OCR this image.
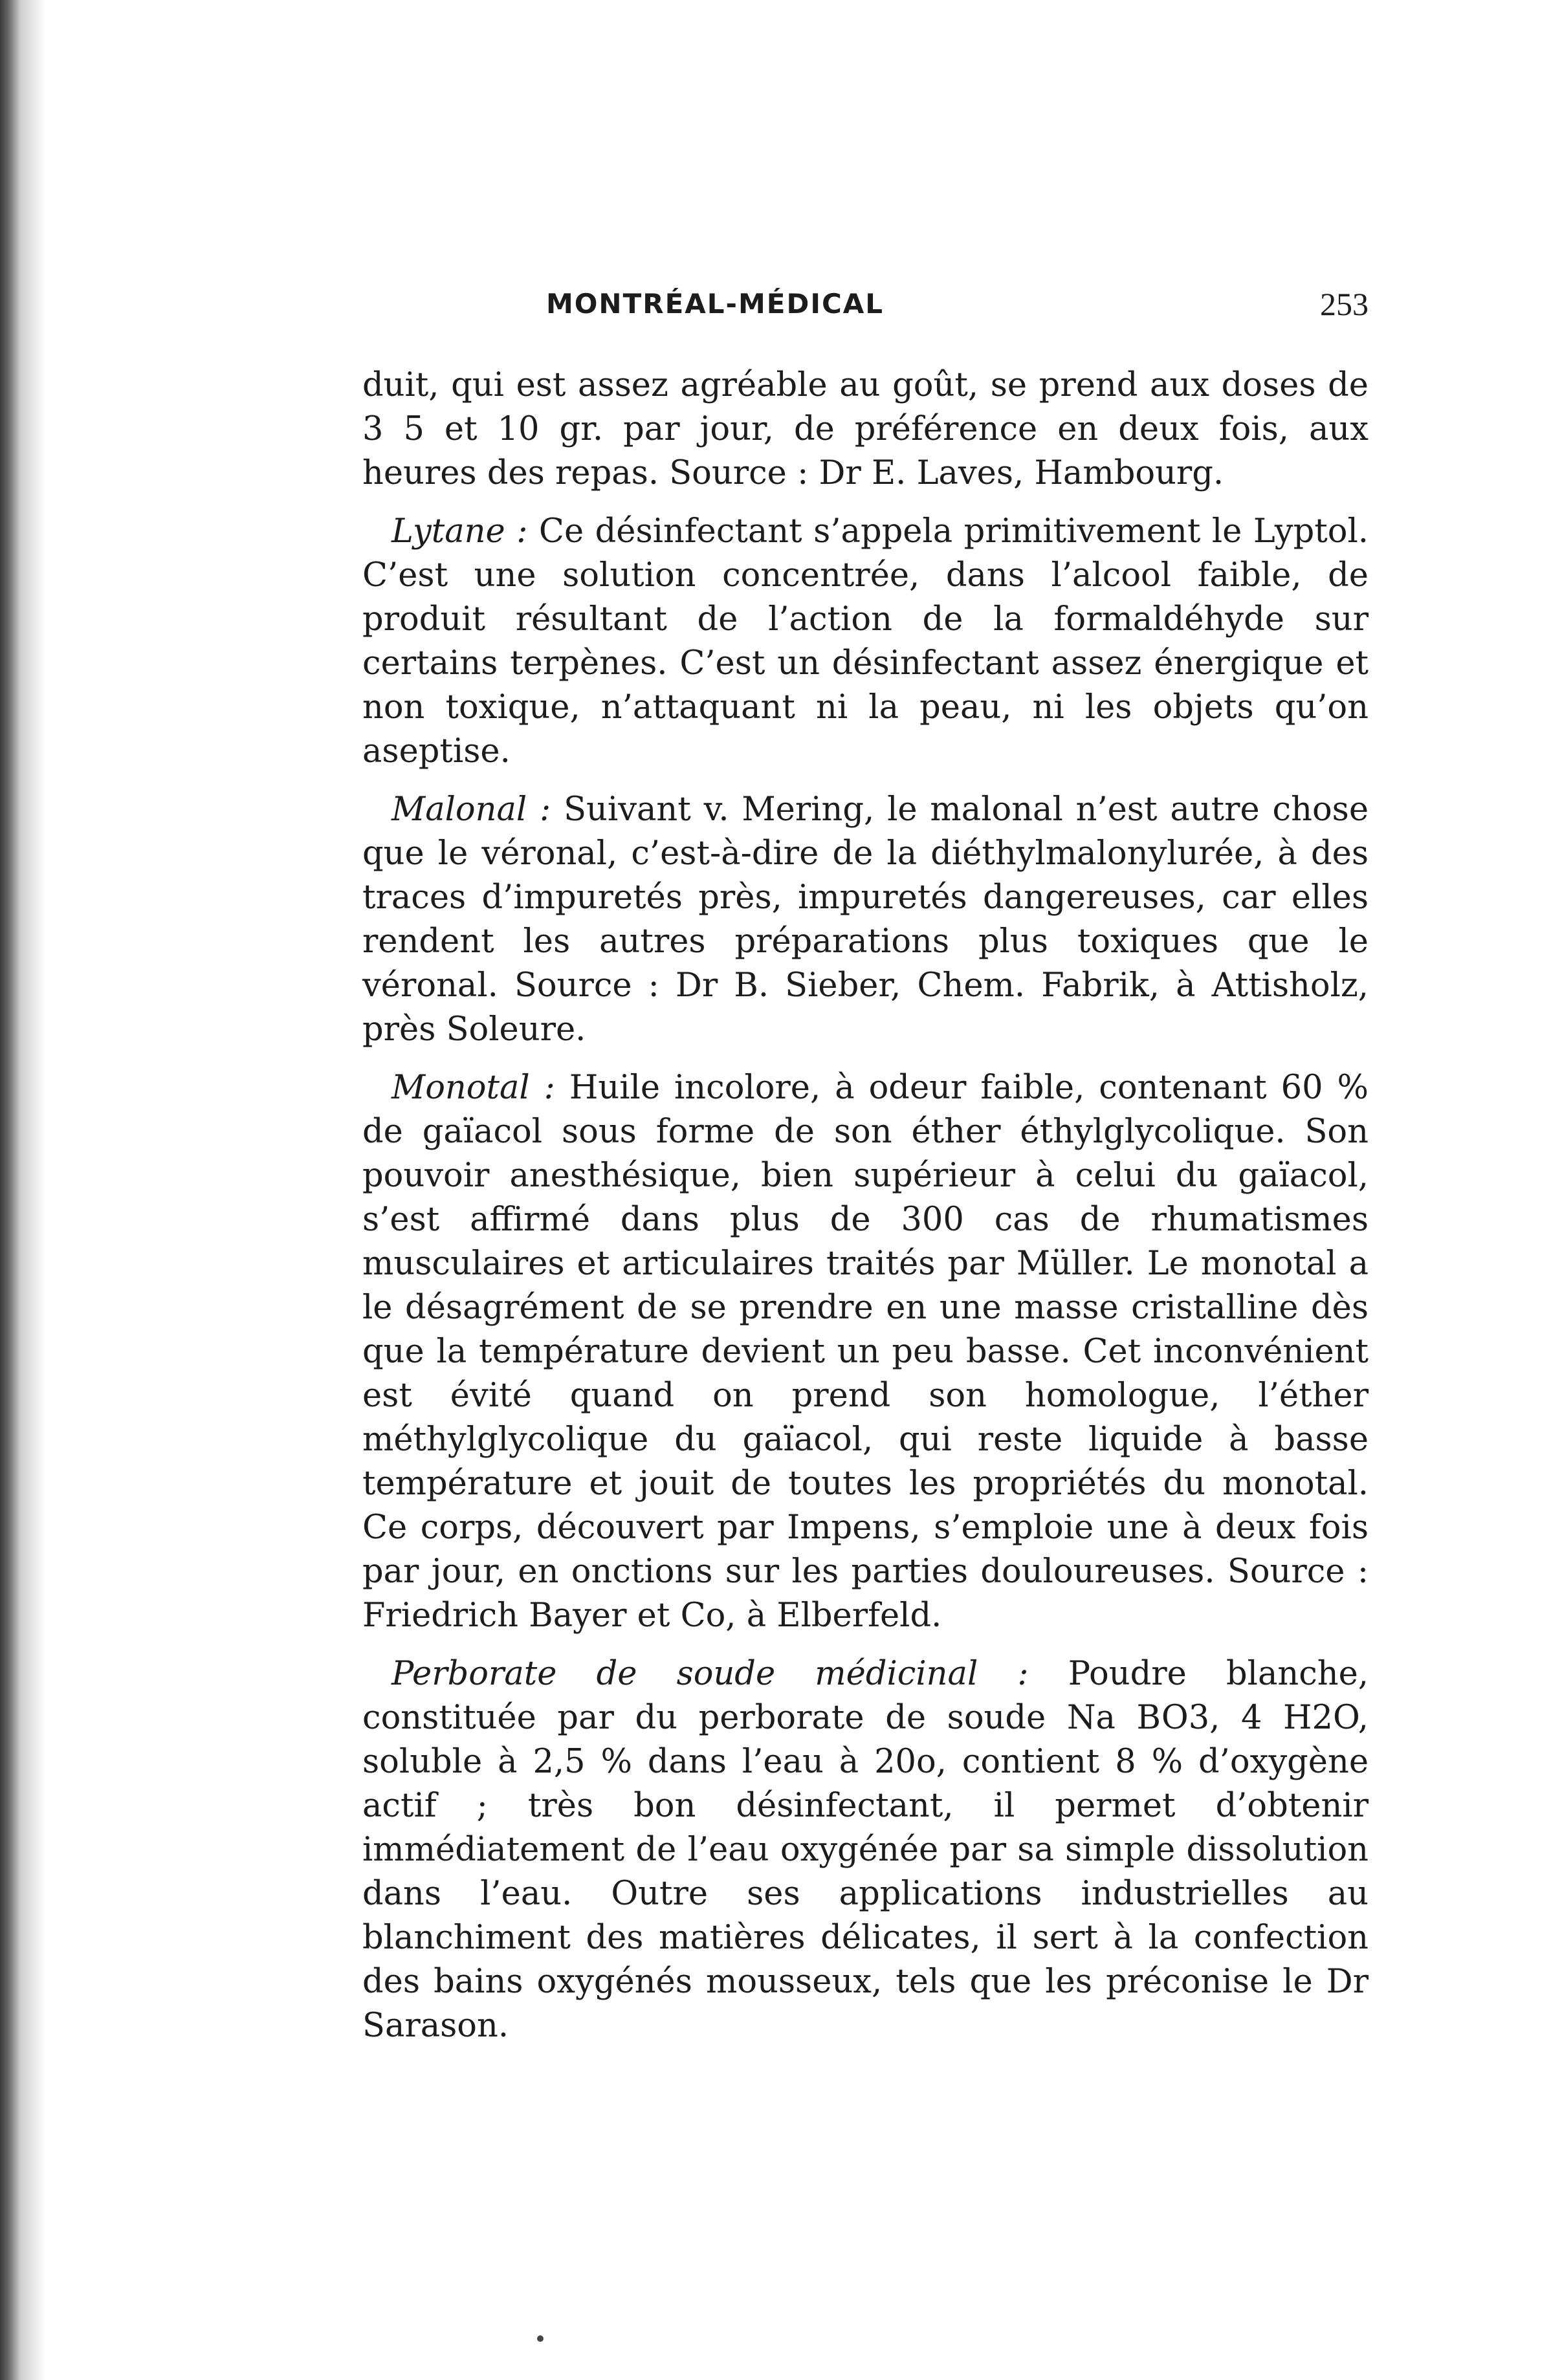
MONTRÉAL-MÉDICAL	253

duit, qui est assez agréable au goût, se prend aux doses de 3 5 et 10 gr. par jour, de préférence en deux fois, aux heures des repas. Source : Dr E. Laves, Hambourg.

Lytane : Ce désinfectant s’appela primitivement le Lyptol. C’est une solution concentrée, dans l’alcool faible, de produit résultant de l’action de la formaldéhyde sur certains terpènes. C’est un désinfectant assez énergique et non toxique, n’attaquant ni la peau, ni les objets qu’on aseptise.

Malonal : Suivant v. Mering, le malonal n’est autre chose que le véronal, c’est-à-dire de la diéthylmalonylurée, à des traces d’impuretés près, impuretés dangereuses, car elles rendent les autres préparations plus toxiques que le véronal. Source : Dr B. Sieber, Chem. Fabrik, à Attisholz, près Soleure.

Monotal : Huile incolore, à odeur faible, contenant 60 % de gaïacol sous forme de son éther éthylglycolique. Son pouvoir anesthésique, bien supérieur à celui du gaïacol, s’est affirmé dans plus de 300 cas de rhumatismes musculaires et articulaires traités par Müller. Le monotal a le désagrément de se prendre en une masse cristalline dès que la température devient un peu basse. Cet inconvénient est évité quand on prend son homologue, l’éther méthylglycolique du gaïacol, qui reste liquide à basse température et jouit de toutes les propriétés du monotal. Ce corps, découvert par Impens, s’emploie une à deux fois par jour, en onctions sur les parties douloureuses. Source : Friedrich Bayer et Co, à Elberfeld.

Perborate de soude médicinal : Poudre blanche, constituée par du perborate de soude Na BO3, 4 H2O, soluble à 2,5 % dans l’eau à 20o, contient 8 % d’oxygène actif ; très bon désinfectant, il permet d’obtenir immédiatement de l’eau oxygénée par sa simple dissolution dans l’eau. Outre ses applications industrielles au blanchiment des matières délicates, il sert à la confection des bains oxygénés mousseux, tels que les préconise le Dr Sarason.
